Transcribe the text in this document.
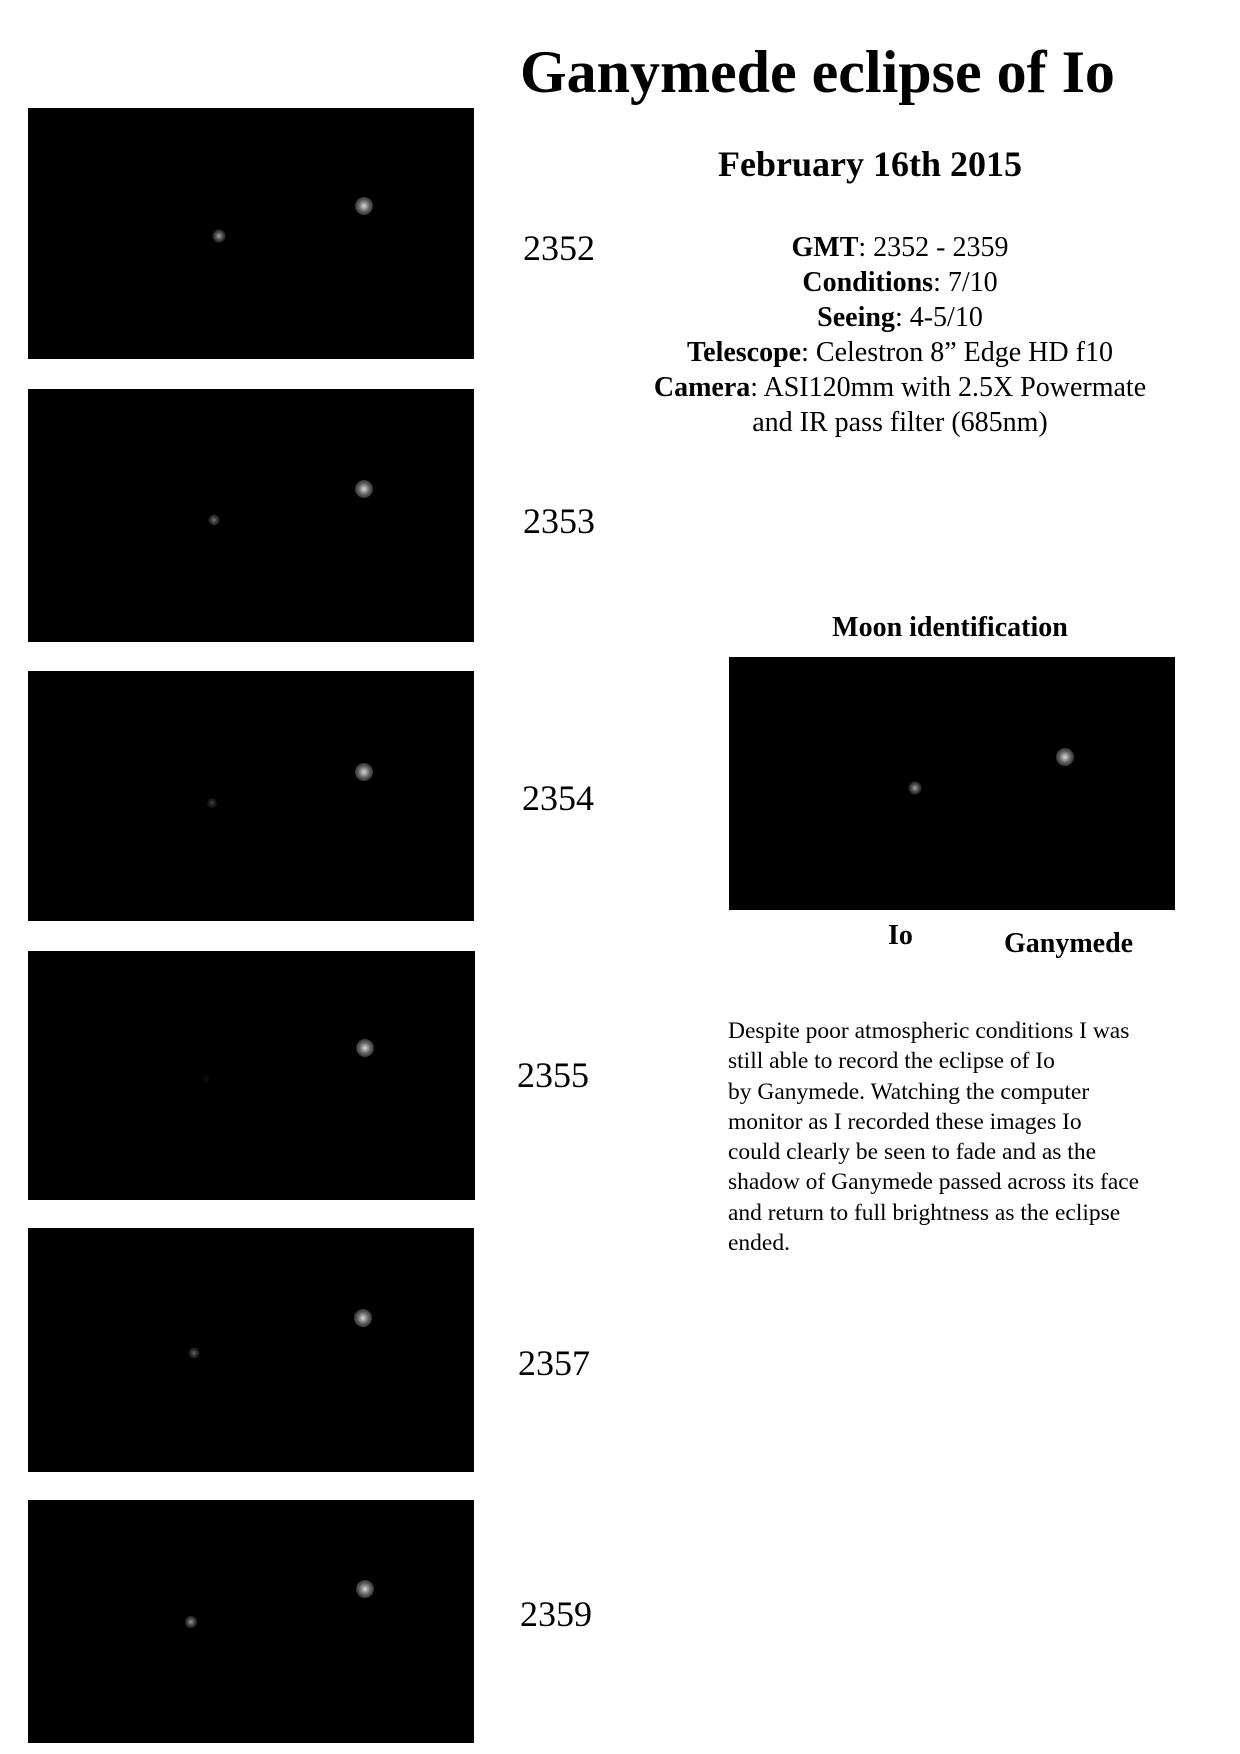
Ganymede eclipse of Io
February 16th 2015
GMT: 2352 - 2359
Conditions: 7/10
Seeing: 4-5/10
Telescope: Celestron 8” Edge HD f10
Camera: ASI120mm with 2.5X Powermate
and IR pass filter (685nm)
2352
2353
2354
2355
2357
2359
Moon identification
Io	Ganymede
Despite poor atmospheric conditions I was
still able to record the eclipse of Io
by Ganymede. Watching the computer
monitor as I recorded these images Io
could clearly be seen to fade and as the
shadow of Ganymede passed across its face
and return to full brightness as the eclipse
ended.
